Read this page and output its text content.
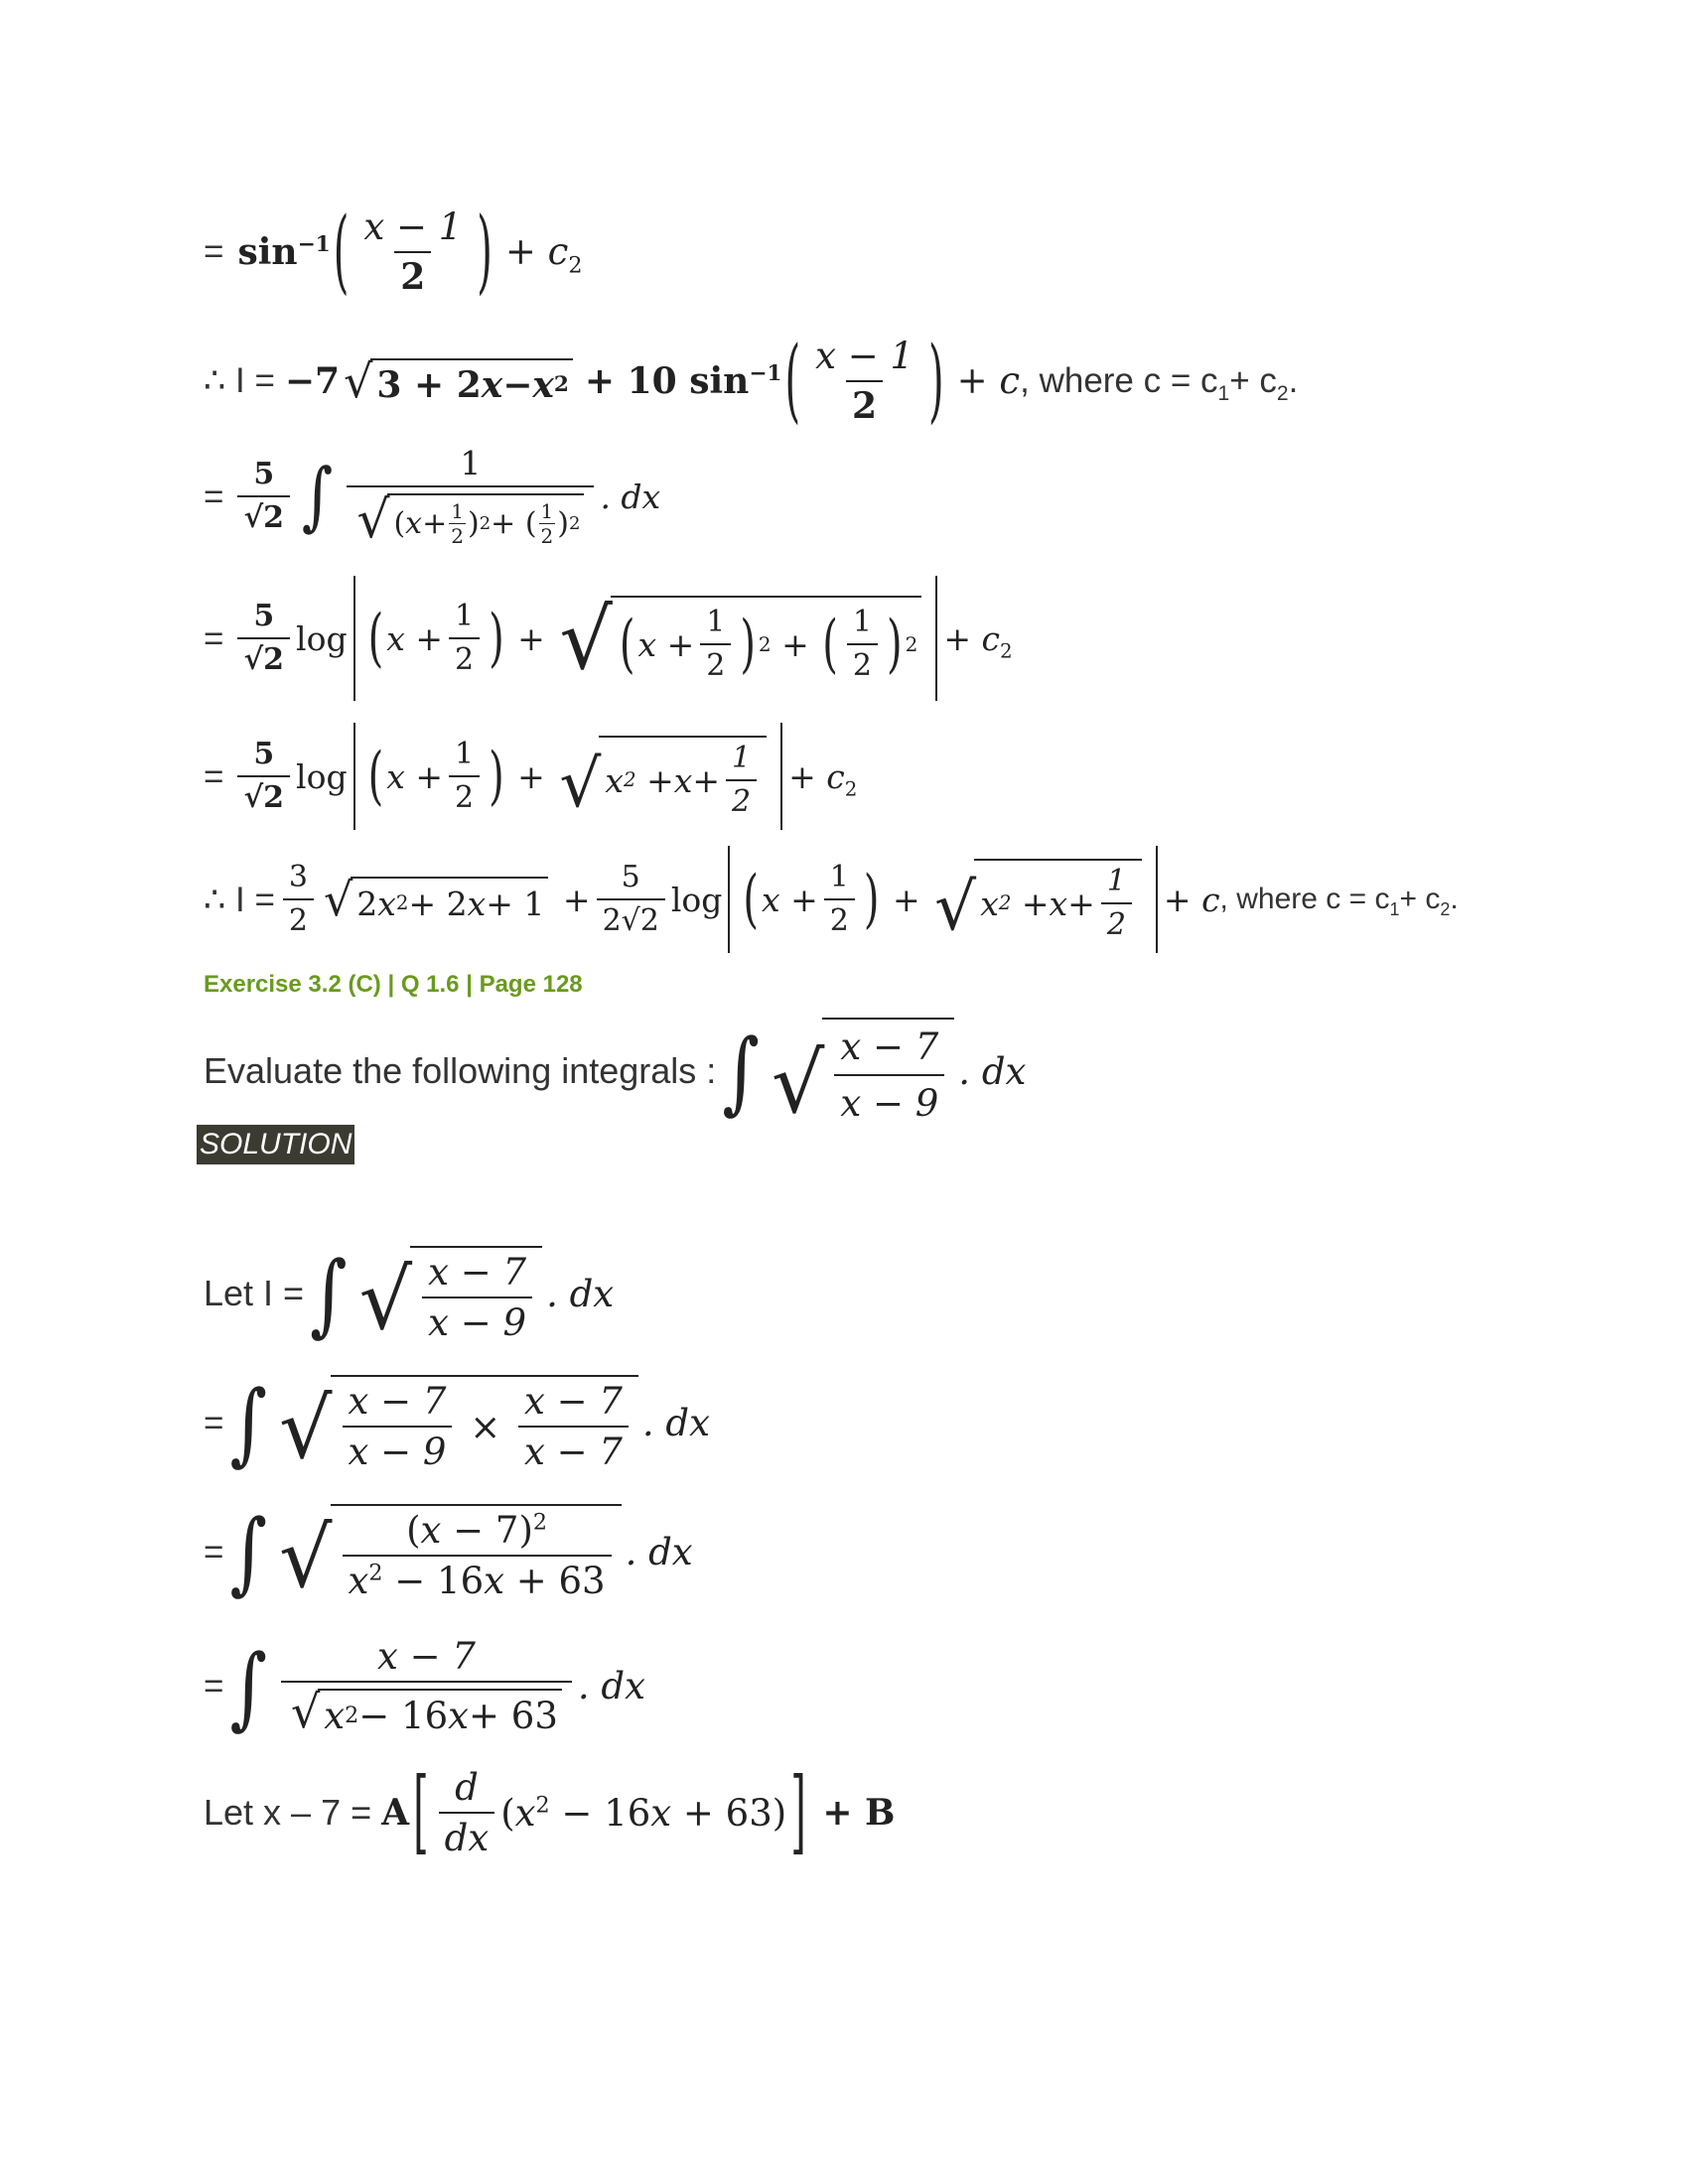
= $\sin^{-1}$ ( $\frac{x - 1}{2}$ ) + $c_2$
∴ I = −7 √ 3 + 2 x − x 2 + 10 $\sin^{-1}$ ( $\frac{x - 1}{2}$ ) + c , where c = c $_1$ + c $_2$ .
= $\frac{5}{√2}$ ∫ $\frac{1}{√ ( x + \frac{1}{2} ) 2 + ( \frac{1}{2} ) 2}$ . dx
= $\frac{5}{√2}$ log ( $x + \frac{1}{2}$ ) + √ ( $x + \frac{1}{2}$ ) 2 + ( $\frac{1}{2}$ ) $2 + c_2$
= $\frac{5}{√2}$ log ( $x + \frac{1}{2}$ ) + √ x $2 + x + \frac{1}{2} + c_2$
∴ $I = \frac{3}{2}$ √ 2 x 2 + 2 $x + 1 + \frac{5}{2√2}$ log ( $x + \frac{1}{2}$ ) + √ x $2 + x + \frac{1}{2} + c$ , where c = c $_1$ + c $_2$ .
Exercise 3.2 (C) | Q 1.6 | Page 128
Evaluate the following integrals : ∫ √ $\frac{x - 7}{x - 9}$ . dx
SOLUTION
Let I = ∫ √ $\frac{x - 7}{x - 9}$ . dx
= ∫ √ $\frac{x - 7}{x - 9} \times \frac{x - 7}{x - 7}$ . dx
= ∫ √ $\frac{(x - 7)^2}{x^2 - 16x + 63}$ . dx
= ∫ $\frac{x - 7}{√ x 2 - 16 x + 63}$ . dx
Let x – 7 = A [ $\frac{d}{dx} (x^2 - 16x + 63)$ ] + B
